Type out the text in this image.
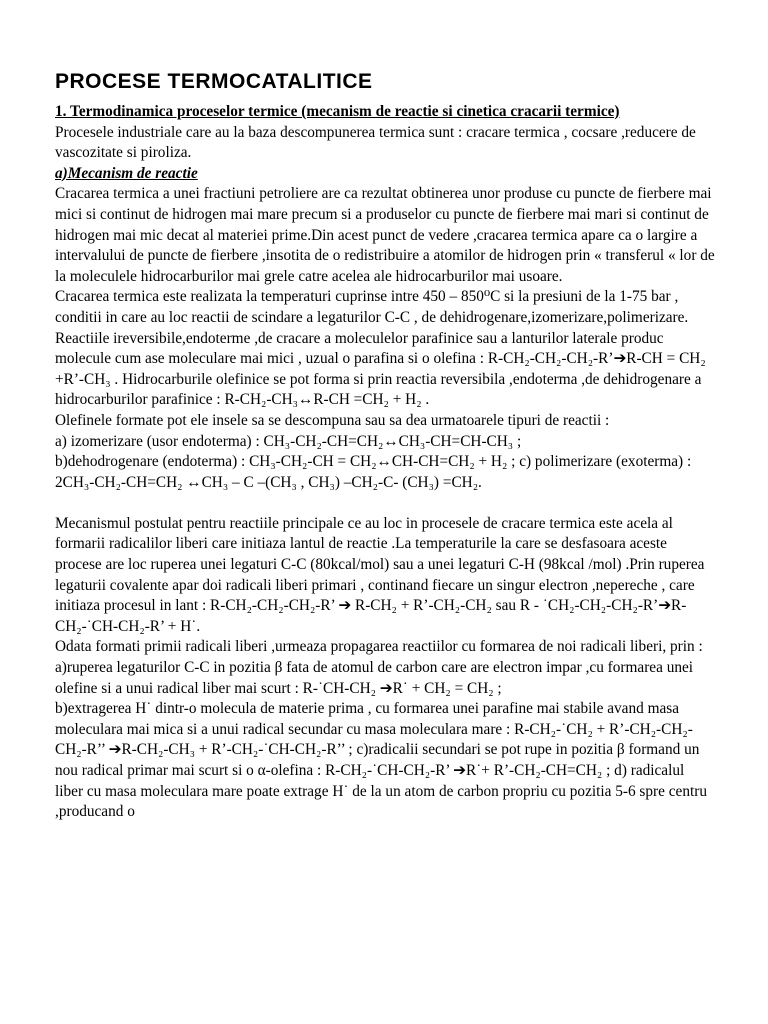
PROCESE TERMOCATALITICE

1. Termodinamica proceselor termice (mecanism de reactie si cinetica cracarii termice)

Procesele industriale care au la baza descompunerea termica sunt : cracare termica , cocsare ,reducere de vascozitate si piroliza.

a)Mecanism de reactie

Cracarea termica a unei fractiuni petroliere are ca rezultat obtinerea unor produse cu puncte de fierbere mai mici si continut de hidrogen mai mare precum si a produselor cu puncte de fierbere mai mari si continut de hidrogen mai mic decat al materiei prime.Din acest punct de vedere ,cracarea termica apare ca o largire a intervalului de puncte de fierbere ,insotita de o redistribuire a atomilor de hidrogen prin « transferul « lor de la moleculele hidrocarburilor mai grele catre acelea ale hidrocarburilor mai usoare.

Cracarea termica este realizata la temperaturi cuprinse intre 450 – 850⁰C si la presiuni de la 1-75 bar , conditii in care au loc reactii de scindare a legaturilor C-C , de dehidrogenare,izomerizare,polimerizare.

Reactiile ireversibile,endoterme ,de cracare a moleculelor parafinice sau a lanturilor laterale produc molecule cum ase moleculare mai mici , uzual o parafina si o olefina : R-CH₂-CH₂-CH₂-R’➔R-CH = CH₂ +R’-CH₃ . Hidrocarburile olefinice se pot forma si prin reactia reversibila ,endoterma ,de dehidrogenare a hidrocarburilor parafinice : R-CH₂-CH₃↔R-CH =CH₂ + H₂ .

Olefinele formate pot ele insele sa se descompuna sau sa dea urmatoarele tipuri de reactii :

a) izomerizare (usor endoterma) : CH₃-CH₂-CH=CH₂↔CH₃-CH=CH-CH₃ ;

b)dehodrogenare (endoterma) : CH₃-CH₂-CH = CH₂↔CH-CH=CH₂ + H₂ ; c) polimerizare (exoterma) : 2CH₃-CH₂-CH=CH₂ ↔CH₃ – C –(CH₃ , CH₃) –CH₂-C- (CH₃) =CH₂.

Mecanismul postulat pentru reactiile principale ce au loc in procesele de cracare termica este acela al formarii radicalilor liberi care initiaza lantul de reactie .La temperaturile la care se desfasoara aceste procese are loc ruperea unei legaturi C-C (80kcal/mol) sau a unei legaturi C-H (98kcal /mol) .Prin ruperea legaturii covalente apar doi radicali liberi primari , continand fiecare un singur electron ,nepereche , care initiaza procesul in lant : R-CH₂-CH₂-CH₂-R’ ➔ R-CH₂ + R’-CH₂-CH₂ sau R - ˙CH₂-CH₂-CH₂-R’➔R-CH₂-˙CH-CH₂-R’ + H˙.

Odata formati primii radicali liberi ,urmeaza propagarea reactiilor cu formarea de noi radicali liberi, prin :

a)ruperea legaturilor C-C in pozitia β fata de atomul de carbon care are electron impar ,cu formarea unei olefine si a unui radical liber mai scurt : R-˙CH-CH₂ ➔R˙ + CH₂ = CH₂ ;

b)extragerea H˙ dintr-o molecula de materie prima , cu formarea unei parafine mai stabile avand masa moleculara mai mica si a unui radical secundar cu masa moleculara mare : R-CH₂-˙CH₂ + R’-CH₂-CH₂-CH₂-R’’ ➔R-CH₂-CH₃ + R’-CH₂-˙CH-CH₂-R’’ ; c)radicalii secundari se pot rupe in pozitia β formand un nou radical primar mai scurt si o α-olefina : R-CH₂-˙CH-CH₂-R’ ➔R˙+ R’-CH₂-CH=CH₂ ; d) radicalul liber cu masa moleculara mare poate extrage H˙ de la un atom de carbon propriu cu pozitia 5-6 spre centru ,producand o
